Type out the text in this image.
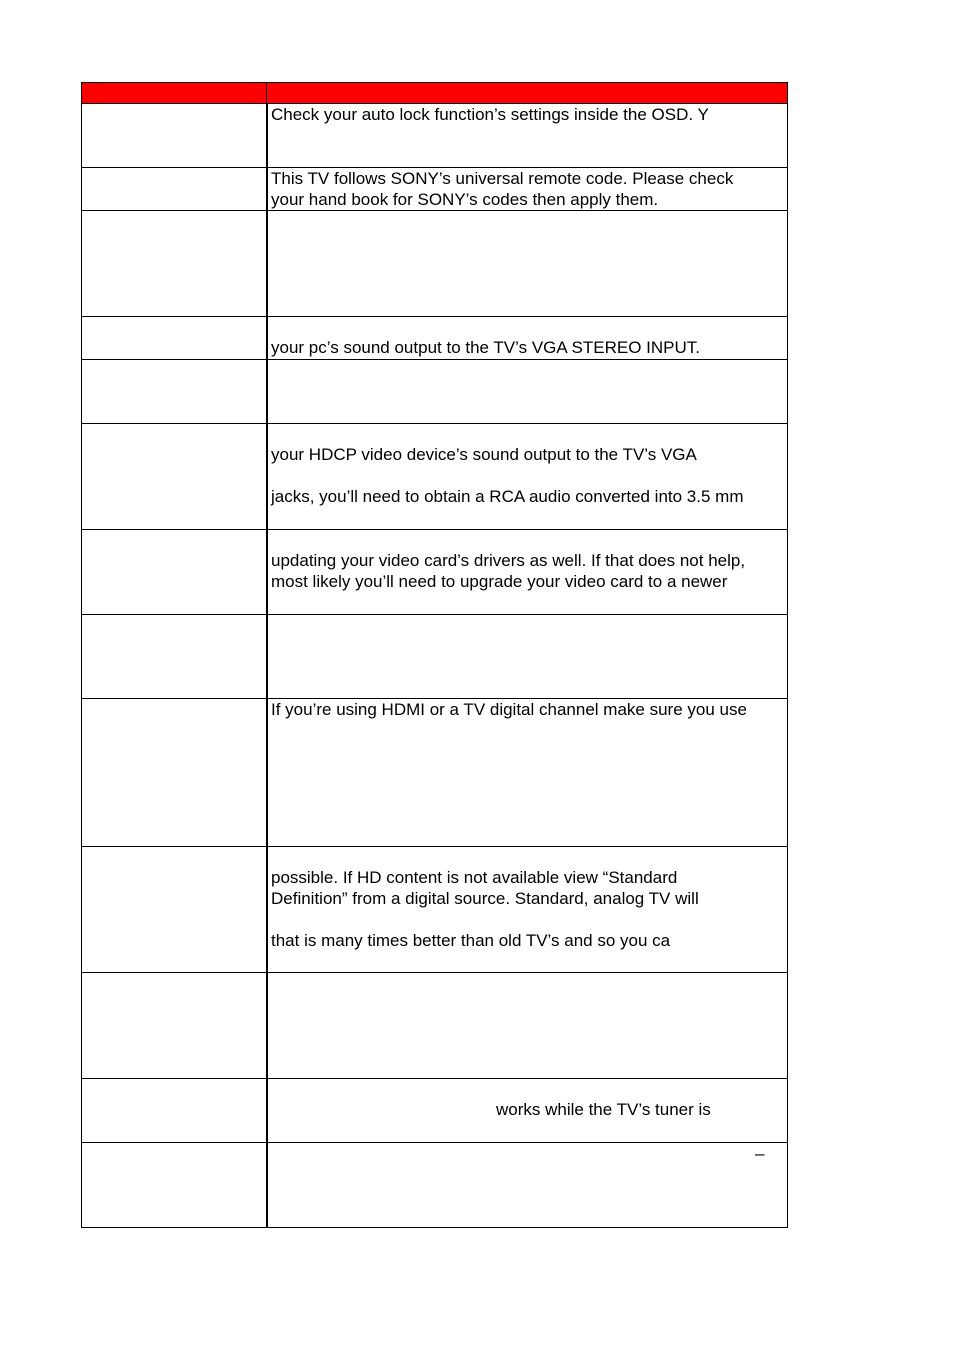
Check your auto lock function’s settings inside the OSD. Y
This TV follows SONY’s universal remote code. Please check
your hand book for SONY’s codes then apply them.
your pc’s sound output to the TV’s VGA STEREO INPUT.
your HDCP video device’s sound output to the TV’s VGA
jacks, you’ll need to obtain a RCA audio converted into 3.5 mm
updating your video card’s drivers as well. If that does not help,
most likely you’ll need to upgrade your video card to a newer
If you’re using HDMI or a TV digital channel make sure you use
possible. If HD content is not available view “Standard
Definition” from a digital source. Standard, analog TV will
that is many times better than old TV’s and so you ca
works while the TV’s tuner is
–
